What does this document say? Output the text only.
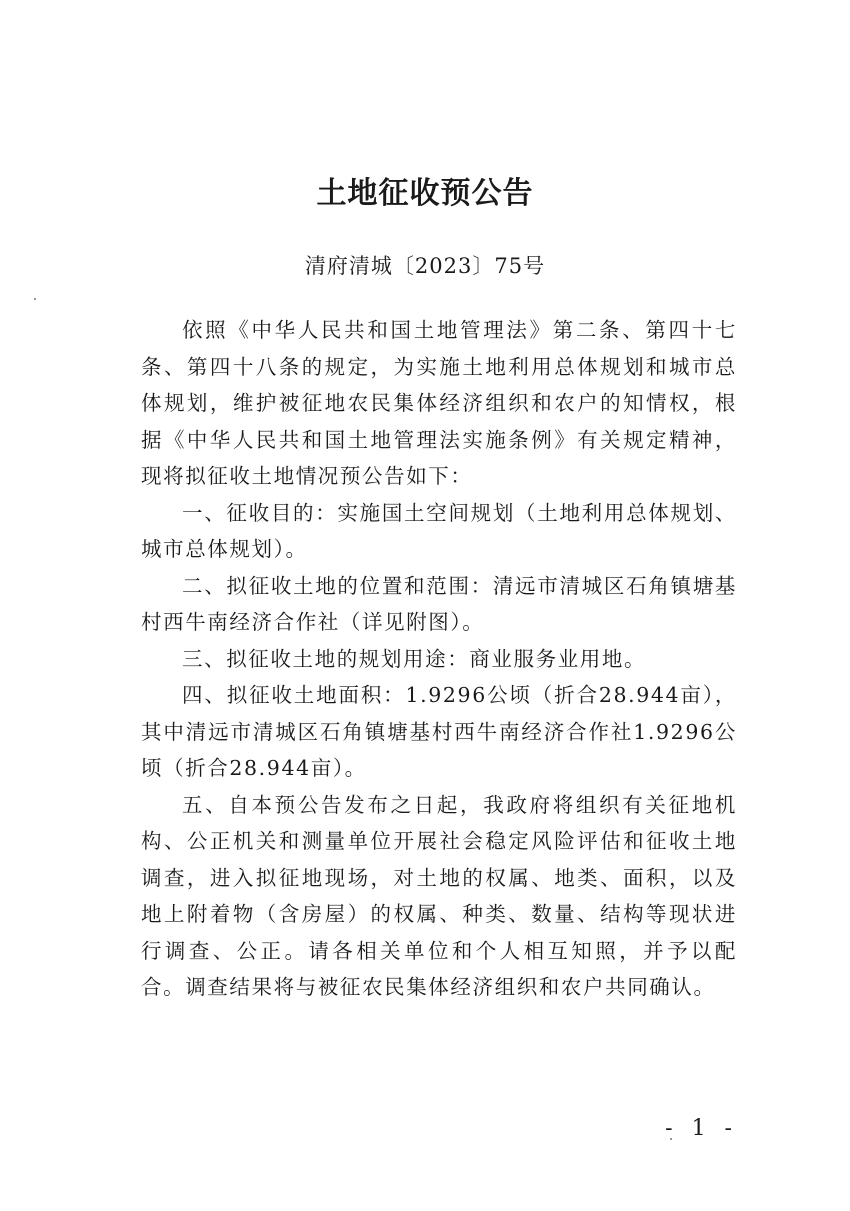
土地征收预公告
清府清城〔2023〕75号

依照《中华人民共和国土地管理法》第二条、第四十七条、第四十八条的规定，为实施土地利用总体规划和城市总体规划，维护被征地农民集体经济组织和农户的知情权，根据《中华人民共和国土地管理法实施条例》有关规定精神，现将拟征收土地情况预公告如下：

一、征收目的：实施国土空间规划（土地利用总体规划、城市总体规划）。

二、拟征收土地的位置和范围：清远市清城区石角镇塘基村西牛南经济合作社（详见附图）。

三、拟征收土地的规划用途：商业服务业用地。

四、拟征收土地面积：1.9296公顷（折合28.944亩），其中清远市清城区石角镇塘基村西牛南经济合作社1.9296公顷（折合28.944亩）。

五、自本预公告发布之日起，我政府将组织有关征地机构、公正机关和测量单位开展社会稳定风险评估和征收土地调查，进入拟征地现场，对土地的权属、地类、面积，以及地上附着物（含房屋）的权属、种类、数量、结构等现状进行调查、公正。请各相关单位和个人相互知照，并予以配合。调查结果将与被征农民集体经济组织和农户共同确认。

- 1 -
